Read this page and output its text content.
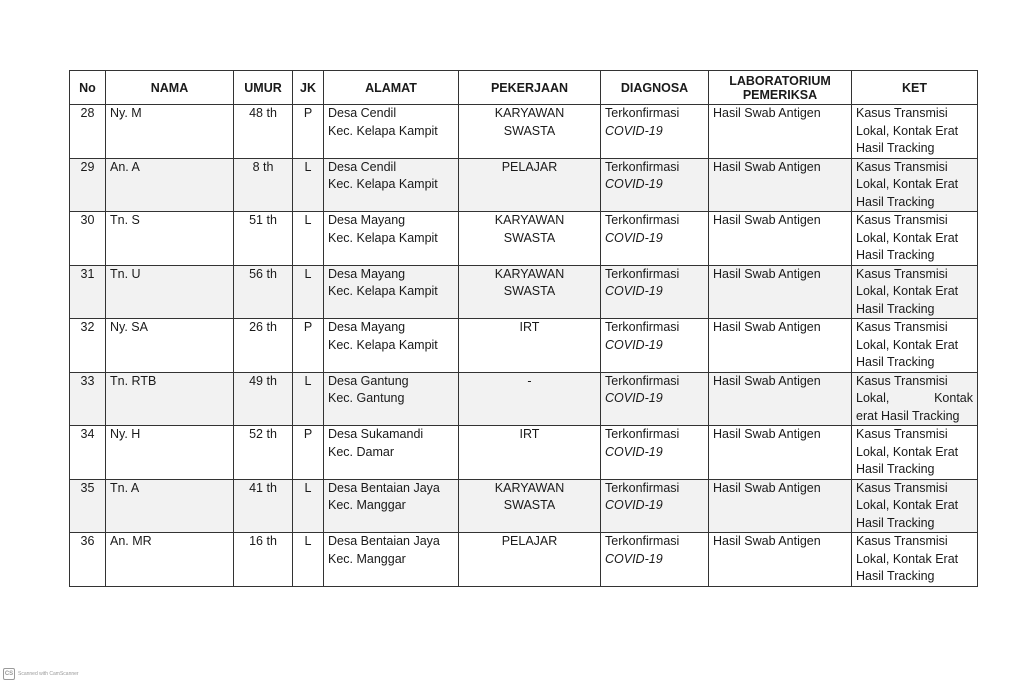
No	NAMA	UMUR	JK	ALAMAT	PEKERJAAN	DIAGNOSA	LABORATORIUM
PEMERIKSA	KET
28	Ny. M	48 th	P	Desa Cendil
Kec. Kelapa Kampit	KARYAWAN
SWASTA	Terkonfirmasi
COVID-19	Hasil Swab Antigen	Kasus Transmisi
Lokal, Kontak Erat
Hasil Tracking

29	An. A	8 th	L	Desa Cendil
Kec. Kelapa Kampit	PELAJAR	Terkonfirmasi
COVID-19	Hasil Swab Antigen	Kasus Transmisi
Lokal, Kontak Erat
Hasil Tracking

30	Tn. S	51 th	L	Desa Mayang
Kec. Kelapa Kampit	KARYAWAN
SWASTA	Terkonfirmasi
COVID-19	Hasil Swab Antigen	Kasus Transmisi
Lokal, Kontak Erat
Hasil Tracking

31	Tn. U	56 th	L	Desa Mayang
Kec. Kelapa Kampit	KARYAWAN
SWASTA	Terkonfirmasi
COVID-19	Hasil Swab Antigen	Kasus Transmisi
Lokal, Kontak Erat
Hasil Tracking

32	Ny. SA	26 th	P	Desa Mayang
Kec. Kelapa Kampit	IRT	Terkonfirmasi
COVID-19	Hasil Swab Antigen	Kasus Transmisi
Lokal, Kontak Erat
Hasil Tracking

33	Tn. RTB	49 th	L	Desa Gantung
Kec. Gantung	-	Terkonfirmasi
COVID-19	Hasil Swab Antigen	Kasus Transmisi
Lokal, Kontak
erat Hasil Tracking

34	Ny. H	52 th	P	Desa Sukamandi
Kec. Damar	IRT	Terkonfirmasi
COVID-19	Hasil Swab Antigen	Kasus Transmisi
Lokal, Kontak Erat
Hasil Tracking

35	Tn. A	41 th	L	Desa Bentaian Jaya
Kec. Manggar	KARYAWAN
SWASTA	Terkonfirmasi
COVID-19	Hasil Swab Antigen	Kasus Transmisi
Lokal, Kontak Erat
Hasil Tracking

36	An. MR	16 th	L	Desa Bentaian Jaya
Kec. Manggar	PELAJAR	Terkonfirmasi
COVID-19	Hasil Swab Antigen	Kasus Transmisi
Lokal, Kontak Erat
Hasil Tracking
CS Scanned with CamScanner
